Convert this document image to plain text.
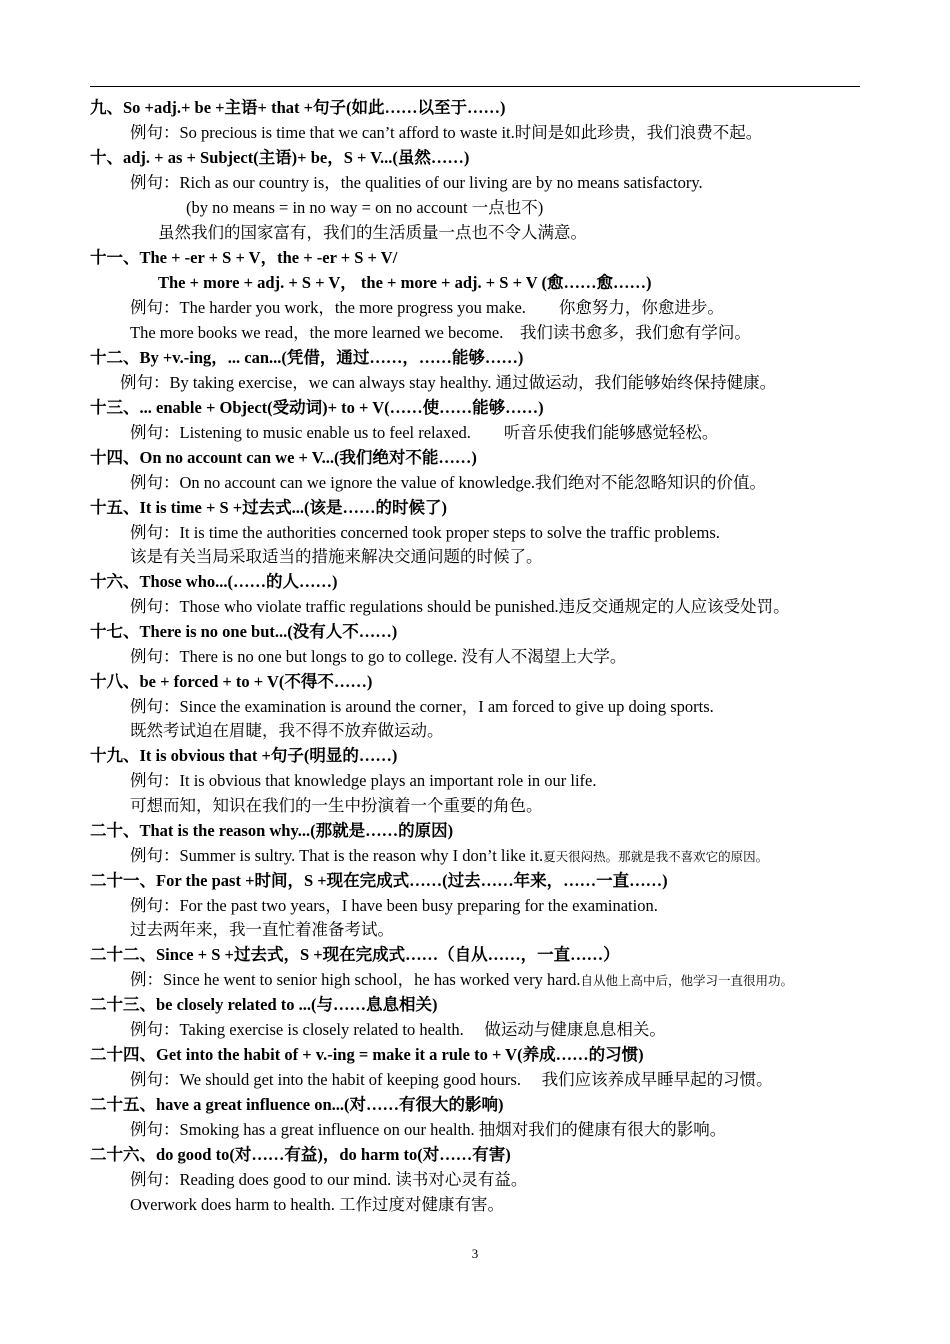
九、So +adj.+ be +主语+ that +句子(如此……以至于……)
例句：So precious is time that we can’t afford to waste it.时间是如此珍贵，我们浪费不起。
十、adj. + as + Subject(主语)+ be，S + V...(虽然……)
例句：Rich as our country is，the qualities of our living are by no means satisfactory.
(by no means = in no way = on no account 一点也不)
虽然我们的国家富有，我们的生活质量一点也不令人满意。
十一、The + -er + S + V，the + -er + S + V/
The + more + adj. + S + V， the + more + adj. + S + V (愈……愈……)
例句：The harder you work，the more progress you make.　　你愈努力，你愈进步。
The more books we read，the more learned we become.　我们读书愈多，我们愈有学问。
十二、By +v.-ing，... can...(凭借，通过……，……能够……)
例句：By taking exercise，we can always stay healthy. 通过做运动，我们能够始终保持健康。
十三、... enable + Object(受动词)+ to + V(……使……能够……)
例句：Listening to music enable us to feel relaxed.　　听音乐使我们能够感觉轻松。
十四、On no account can we + V...(我们绝对不能……)
例句：On no account can we ignore the value of knowledge.我们绝对不能忽略知识的价值。
十五、It is time + S +过去式...(该是……的时候了)
例句：It is time the authorities concerned took proper steps to solve the traffic problems.
该是有关当局采取适当的措施来解决交通问题的时候了。
十六、Those who...(……的人……)
例句：Those who violate traffic regulations should be punished.违反交通规定的人应该受处罚。
十七、There is no one but...(没有人不……)
例句：There is no one but longs to go to college. 没有人不渴望上大学。
十八、be + forced + to + V(不得不……)
例句：Since the examination is around the corner，I am forced to give up doing sports.
既然考试迫在眉睫，我不得不放弃做运动。
十九、It is obvious that +句子(明显的……)
例句：It is obvious that knowledge plays an important role in our life.
可想而知，知识在我们的一生中扮演着一个重要的角色。
二十、That is the reason why...(那就是……的原因)
例句：Summer is sultry. That is the reason why I don’t like it.夏天很闷热。那就是我不喜欢它的原因。
二十一、For the past +时间，S +现在完成式……(过去……年来，……一直……)
例句：For the past two years，I have been busy preparing for the examination.
过去两年来，我一直忙着准备考试。
二十二、Since + S +过去式，S +现在完成式……（自从……，一直……）
例：Since he went to senior high school，he has worked very hard.自从他上高中后，他学习一直很用功。
二十三、be closely related to ...(与……息息相关)
例句：Taking exercise is closely related to health.　 做运动与健康息息相关。
二十四、Get into the habit of + v.-ing = make it a rule to + V(养成……的习惯)
例句：We should get into the habit of keeping good hours.　 我们应该养成早睡早起的习惯。
二十五、have a great influence on...(对……有很大的影响)
例句：Smoking has a great influence on our health. 抽烟对我们的健康有很大的影响。
二十六、do good to(对……有益)，do harm to(对……有害)
例句：Reading does good to our mind. 读书对心灵有益。
Overwork does harm to health. 工作过度对健康有害。
3
